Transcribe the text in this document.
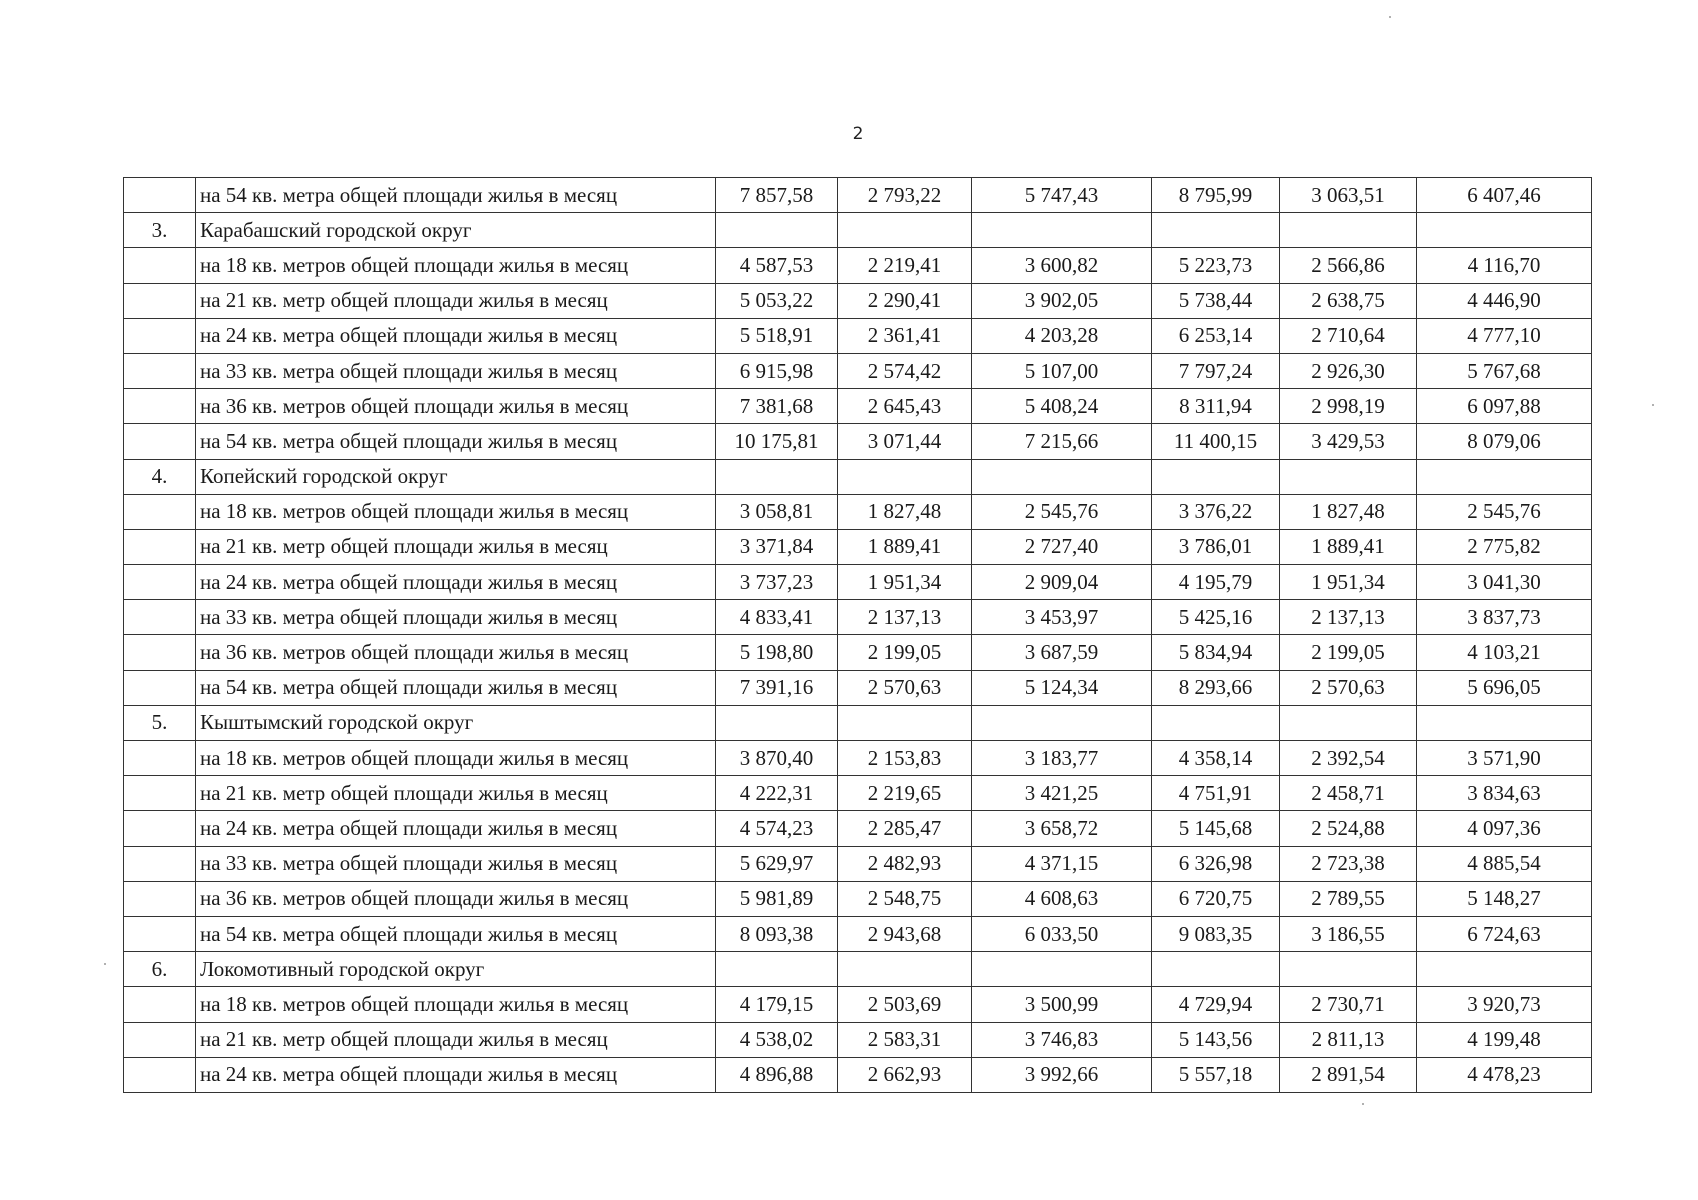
2
	на 54 кв. метра общей площади жилья в месяц	7 857,58	2 793,22	5 747,43	8 795,99	3 063,51	6 407,46
3.	Карабашский городской округ						
	на 18 кв. метров общей площади жилья в месяц	4 587,53	2 219,41	3 600,82	5 223,73	2 566,86	4 116,70
	на 21 кв. метр общей площади жилья в месяц	5 053,22	2 290,41	3 902,05	5 738,44	2 638,75	4 446,90
	на 24 кв. метра общей площади жилья в месяц	5 518,91	2 361,41	4 203,28	6 253,14	2 710,64	4 777,10
	на 33 кв. метра общей площади жилья в месяц	6 915,98	2 574,42	5 107,00	7 797,24	2 926,30	5 767,68
	на 36 кв. метров общей площади жилья в месяц	7 381,68	2 645,43	5 408,24	8 311,94	2 998,19	6 097,88
	на 54 кв. метра общей площади жилья в месяц	10 175,81	3 071,44	7 215,66	11 400,15	3 429,53	8 079,06
4.	Копейский городской округ						
	на 18 кв. метров общей площади жилья в месяц	3 058,81	1 827,48	2 545,76	3 376,22	1 827,48	2 545,76
	на 21 кв. метр общей площади жилья в месяц	3 371,84	1 889,41	2 727,40	3 786,01	1 889,41	2 775,82
	на 24 кв. метра общей площади жилья в месяц	3 737,23	1 951,34	2 909,04	4 195,79	1 951,34	3 041,30
	на 33 кв. метра общей площади жилья в месяц	4 833,41	2 137,13	3 453,97	5 425,16	2 137,13	3 837,73
	на 36 кв. метров общей площади жилья в месяц	5 198,80	2 199,05	3 687,59	5 834,94	2 199,05	4 103,21
	на 54 кв. метра общей площади жилья в месяц	7 391,16	2 570,63	5 124,34	8 293,66	2 570,63	5 696,05
5.	Кыштымский городской округ						
	на 18 кв. метров общей площади жилья в месяц	3 870,40	2 153,83	3 183,77	4 358,14	2 392,54	3 571,90
	на 21 кв. метр общей площади жилья в месяц	4 222,31	2 219,65	3 421,25	4 751,91	2 458,71	3 834,63
	на 24 кв. метра общей площади жилья в месяц	4 574,23	2 285,47	3 658,72	5 145,68	2 524,88	4 097,36
	на 33 кв. метра общей площади жилья в месяц	5 629,97	2 482,93	4 371,15	6 326,98	2 723,38	4 885,54
	на 36 кв. метров общей площади жилья в месяц	5 981,89	2 548,75	4 608,63	6 720,75	2 789,55	5 148,27
	на 54 кв. метра общей площади жилья в месяц	8 093,38	2 943,68	6 033,50	9 083,35	3 186,55	6 724,63
6.	Локомотивный городской округ						
	на 18 кв. метров общей площади жилья в месяц	4 179,15	2 503,69	3 500,99	4 729,94	2 730,71	3 920,73
	на 21 кв. метр общей площади жилья в месяц	4 538,02	2 583,31	3 746,83	5 143,56	2 811,13	4 199,48
	на 24 кв. метра общей площади жилья в месяц	4 896,88	2 662,93	3 992,66	5 557,18	2 891,54	4 478,23
